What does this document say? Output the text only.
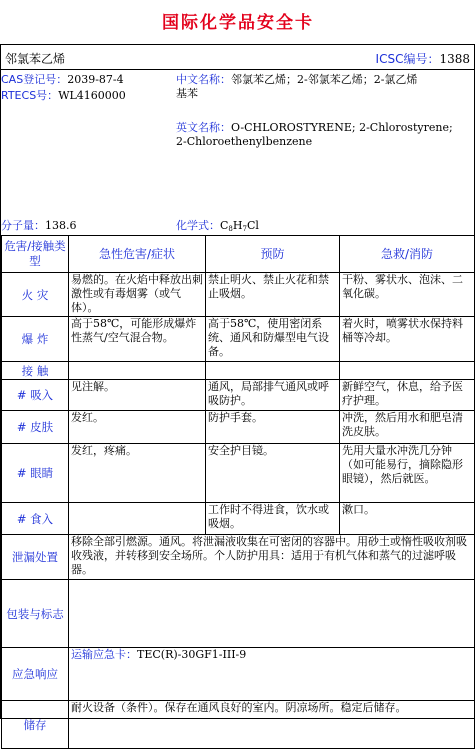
国际化学品安全卡
邻氯苯乙烯	ICSC编号：1388
CAS登记号：2039-87-4
RTECS号：WL4160000
中文名称：邻氯苯乙烯；2-邻氯苯乙烯；2-氯乙烯
基苯
英文名称：O-CHLOROSTYRENE; 2-Chlorostyrene;
2-Chloroethenylbenzene
分子量：138.6	化学式：$C_8H_7Cl$
危害/接触类型	急性危害/症状	预防	急救/消防
火 灾	易燃的。在火焰中释放出刺激性或有毒烟雾（或气体）。	禁止明火、禁止火花和禁止吸烟。	干粉、雾状水、泡沫、二氧化碳。
爆 炸	高于58℃，可能形成爆炸性蒸气/空气混合物。	高于58℃，使用密闭系统、通风和防爆型电气设备。	着火时，喷雾状水保持料桶等冷却。
接 触			
# 吸入	见注解。	通风，局部排气通风或呼吸防护。	新鲜空气，休息，给予医疗护理。
# 皮肤	发红。	防护手套。	冲洗，然后用水和肥皂清洗皮肤。
# 眼睛	发红，疼痛。	安全护目镜。	先用大量水冲洗几分钟（如可能易行，摘除隐形眼镜），然后就医。
# 食入		工作时不得进食，饮水或吸烟。	漱口。
泄漏处置	移除全部引燃源。通风。将泄漏液收集在可密闭的容器中。用砂土或惰性吸收剂吸收残液，并转移到安全场所。个人防护用具：适用于有机气体和蒸气的过滤呼吸器。		
包装与标志			
应急响应	运输应急卡：TEC(R)-30GF1-III-9		
储存	耐火设备（条件）。保存在通风良好的室内。阴凉场所。稳定后储存。		
